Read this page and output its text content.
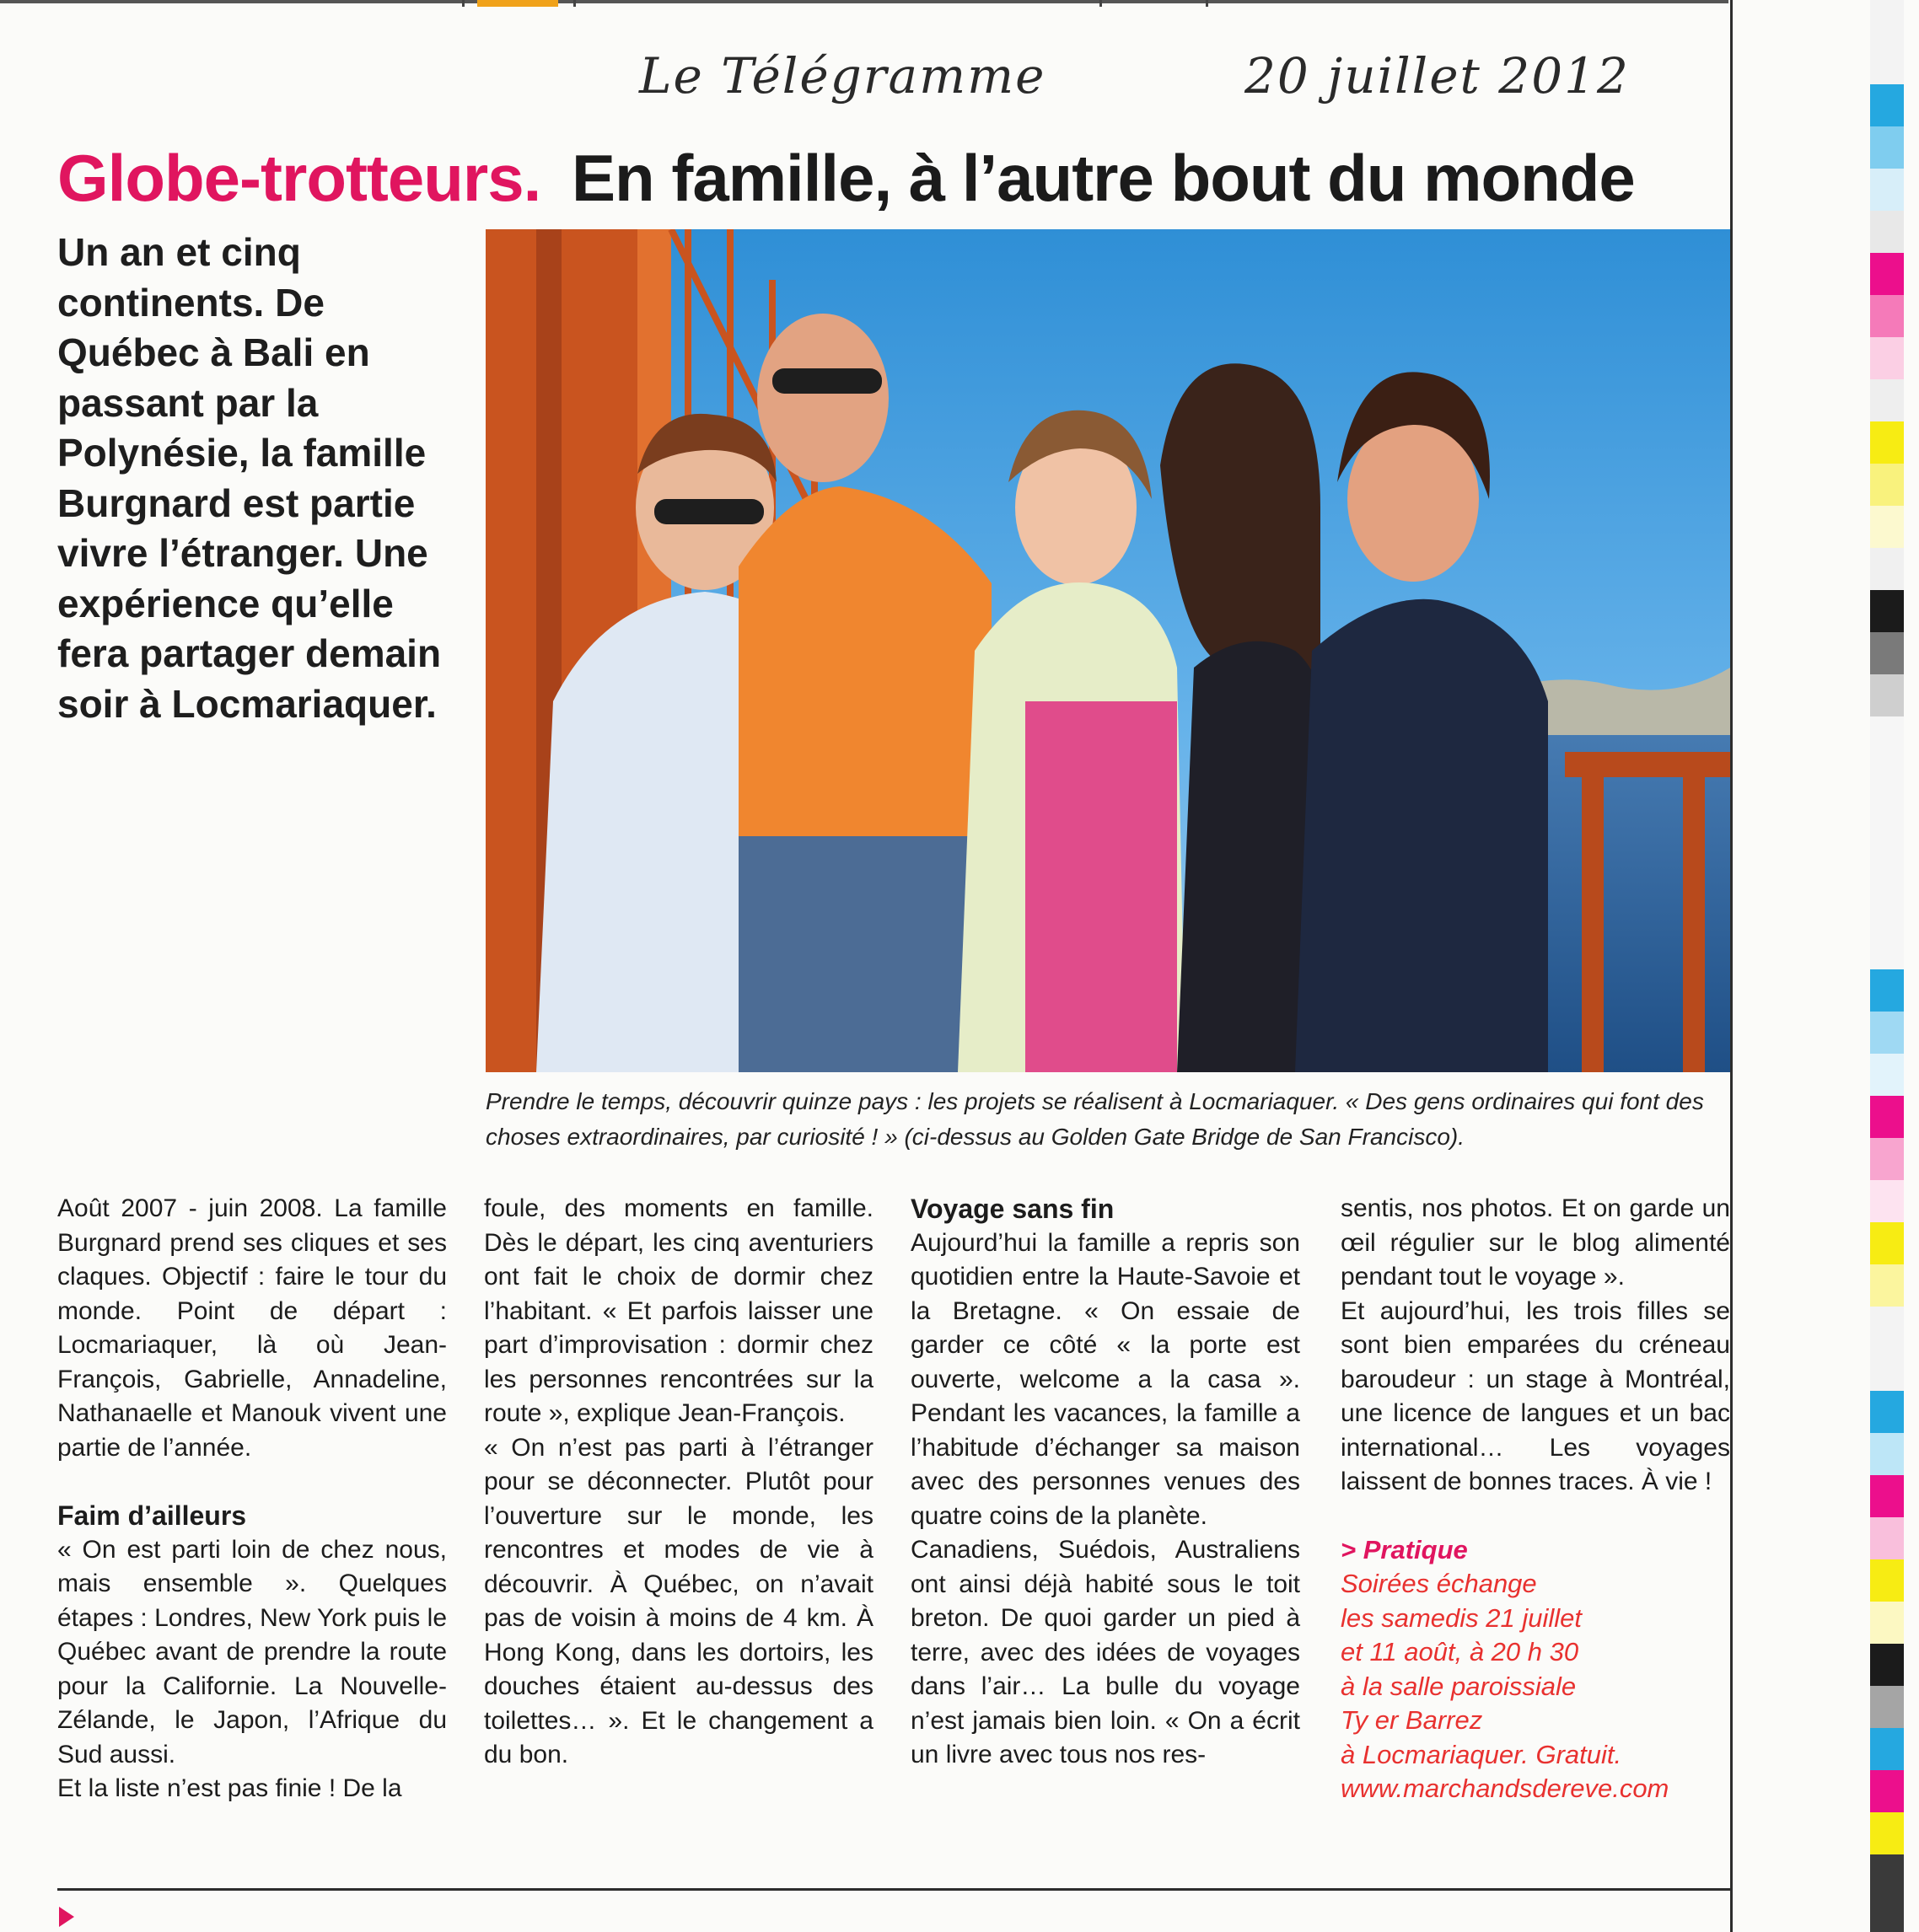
Le Télégramme	20 juillet 2012
Globe-trotteurs. En famille, à l’autre bout du monde
Un an et cinq continents. De Québec à Bali en passant par la Polynésie, la famille Burgnard est partie vivre l’étranger. Une expérience qu’elle fera partager demain soir à Locmariaquer.
Prendre le temps, découvrir quinze pays : les projets se réalisent à Locmariaquer. « Des gens ordinaires qui font des choses extraordinaires, par curiosité ! » (ci-dessus au Golden Gate Bridge de San Francisco).
Août 2007 - juin 2008. La famille Burgnard prend ses cliques et ses claques. Objectif : faire le tour du monde. Point de départ : Locmariaquer, là où Jean-François, Gabrielle, Annadeline, Nathanaelle et Manouk vivent une partie de l’année.
Faim d’ailleurs
« On est parti loin de chez nous, mais ensemble ». Quelques étapes : Londres, New York puis le Québec avant de prendre la route pour la Californie. La Nouvelle-Zélande, le Japon, l’Afrique du Sud aussi.
Et la liste n’est pas finie ! De la
foule, des moments en famille. Dès le départ, les cinq aventuriers ont fait le choix de dormir chez l’habitant. « Et parfois laisser une part d’improvisation : dormir chez les personnes rencontrées sur la route », explique Jean-François.
« On n’est pas parti à l’étranger pour se déconnecter. Plutôt pour l’ouverture sur le monde, les rencontres et modes de vie à découvrir. À Québec, on n’avait pas de voisin à moins de 4 km. À Hong Kong, dans les dortoirs, les douches étaient au-dessus des toilettes… ». Et le changement a du bon.
Voyage sans fin
Aujourd’hui la famille a repris son quotidien entre la Haute-Savoie et la Bretagne. « On essaie de garder ce côté « la porte est ouverte, welcome a la casa ». Pendant les vacances, la famille a l’habitude d’échanger sa maison avec des personnes venues des quatre coins de la planète.
Canadiens, Suédois, Australiens ont ainsi déjà habité sous le toit breton. De quoi garder un pied à terre, avec des idées de voyages dans l’air… La bulle du voyage n’est jamais bien loin. « On a écrit un livre avec tous nos res-
sentis, nos photos. Et on garde un œil régulier sur le blog alimenté pendant tout le voyage ».
Et aujourd’hui, les trois filles se sont bien emparées du créneau baroudeur : un stage à Montréal, une licence de langues et un bac international… Les voyages laissent de bonnes traces. À vie !
> Pratique
Soirées échange
les samedis 21 juillet
et 11 août, à 20 h 30
à la salle paroissiale
Ty er Barrez
à Locmariaquer. Gratuit.
www.marchandsdereve.com
